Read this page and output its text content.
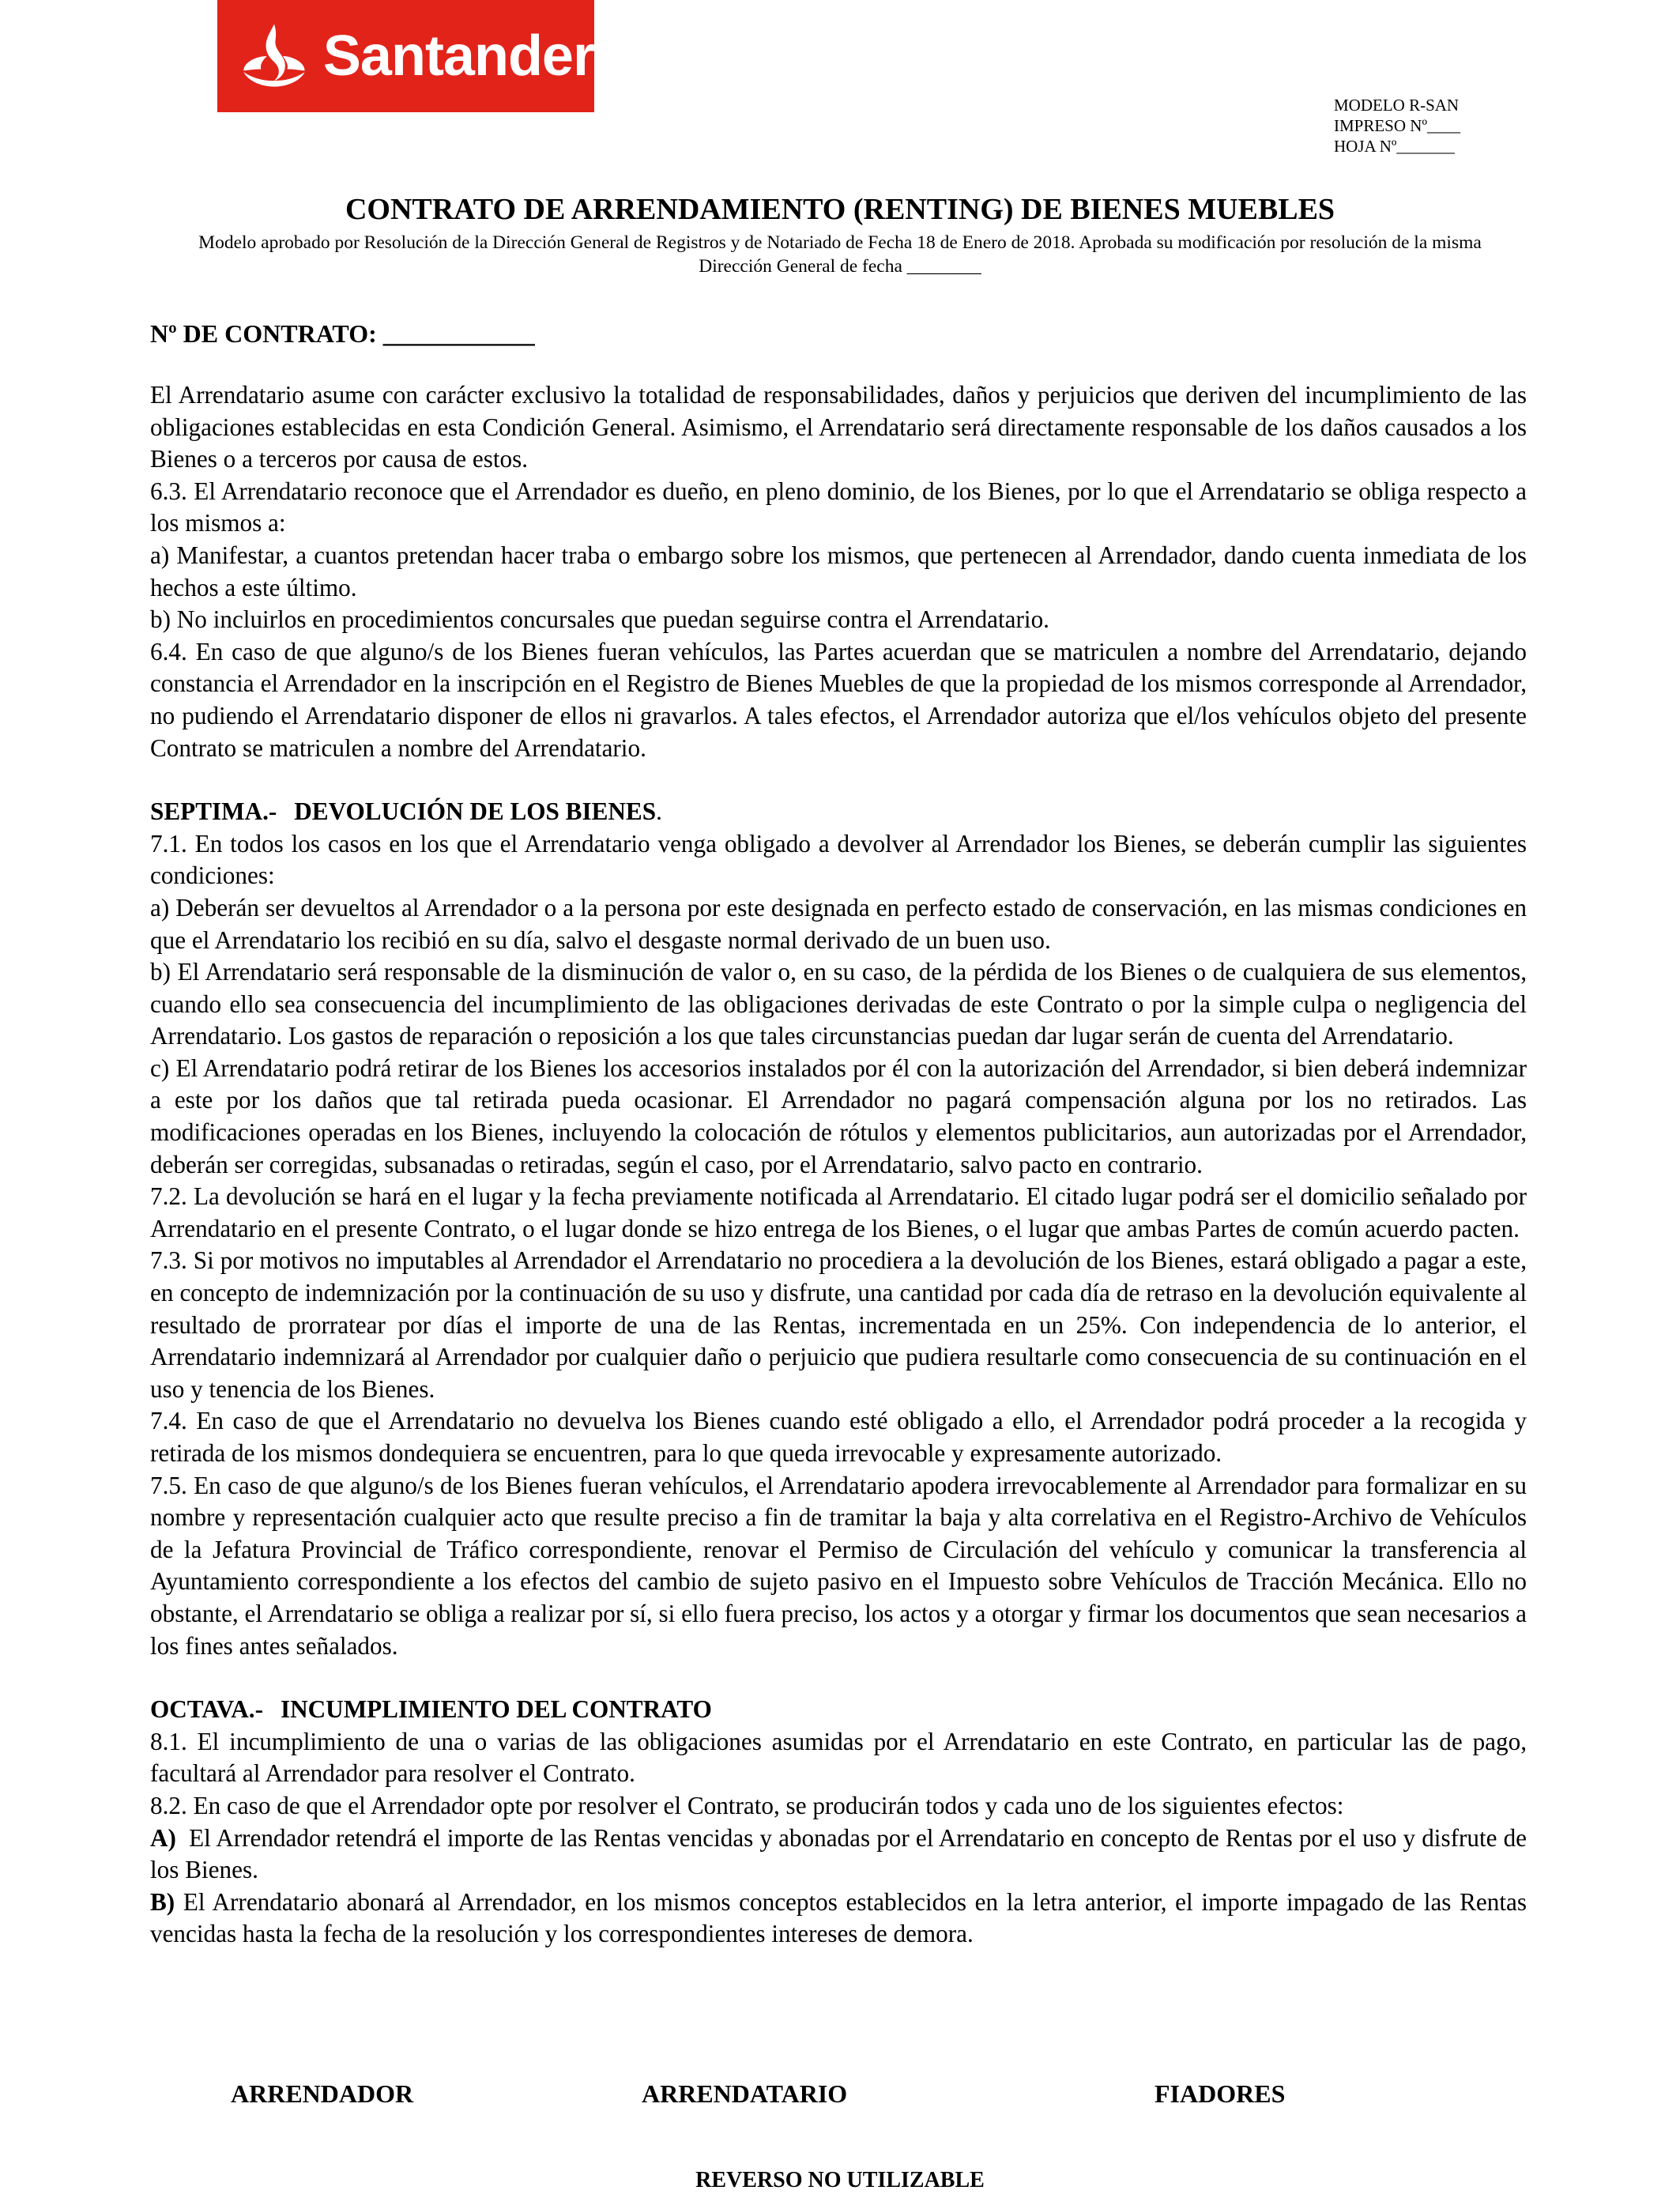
Santander
MODELO R-SAN
IMPRESO Nº____
HOJA Nº_______
CONTRATO DE ARRENDAMIENTO (RENTING) DE BIENES MUEBLES
Modelo aprobado por Resolución de la Dirección General de Registros y de Notariado de Fecha 18 de Enero de 2018. Aprobada su modificación por resolución de la misma Dirección General de fecha ________
Nº DE CONTRATO: ____________

El Arrendatario asume con carácter exclusivo la totalidad de responsabilidades, daños y perjuicios que deriven del incumplimiento de las obligaciones establecidas en esta Condición General. Asimismo, el Arrendatario será directamente responsable de los daños causados a los Bienes o a terceros por causa de estos.

6.3. El Arrendatario reconoce que el Arrendador es dueño, en pleno dominio, de los Bienes, por lo que el Arrendatario se obliga respecto a los mismos a:

a) Manifestar, a cuantos pretendan hacer traba o embargo sobre los mismos, que pertenecen al Arrendador, dando cuenta inmediata de los hechos a este último.

b) No incluirlos en procedimientos concursales que puedan seguirse contra el Arrendatario.

6.4. En caso de que alguno/s de los Bienes fueran vehículos, las Partes acuerdan que se matriculen a nombre del Arrendatario, dejando constancia el Arrendador en la inscripción en el Registro de Bienes Muebles de que la propiedad de los mismos corresponde al Arrendador, no pudiendo el Arrendatario disponer de ellos ni gravarlos. A tales efectos, el Arrendador autoriza que el/los vehículos objeto del presente Contrato se matriculen a nombre del Arrendatario.

SEPTIMA.- DEVOLUCIÓN DE LOS BIENES.

7.1. En todos los casos en los que el Arrendatario venga obligado a devolver al Arrendador los Bienes, se deberán cumplir las siguientes condiciones:

a) Deberán ser devueltos al Arrendador o a la persona por este designada en perfecto estado de conservación, en las mismas condiciones en que el Arrendatario los recibió en su día, salvo el desgaste normal derivado de un buen uso.

b) El Arrendatario será responsable de la disminución de valor o, en su caso, de la pérdida de los Bienes o de cualquiera de sus elementos, cuando ello sea consecuencia del incumplimiento de las obligaciones derivadas de este Contrato o por la simple culpa o negligencia del Arrendatario. Los gastos de reparación o reposición a los que tales circunstancias puedan dar lugar serán de cuenta del Arrendatario.

c) El Arrendatario podrá retirar de los Bienes los accesorios instalados por él con la autorización del Arrendador, si bien deberá indemnizar a este por los daños que tal retirada pueda ocasionar. El Arrendador no pagará compensación alguna por los no retirados. Las modificaciones operadas en los Bienes, incluyendo la colocación de rótulos y elementos publicitarios, aun autorizadas por el Arrendador, deberán ser corregidas, subsanadas o retiradas, según el caso, por el Arrendatario, salvo pacto en contrario.

7.2. La devolución se hará en el lugar y la fecha previamente notificada al Arrendatario. El citado lugar podrá ser el domicilio señalado por Arrendatario en el presente Contrato, o el lugar donde se hizo entrega de los Bienes, o el lugar que ambas Partes de común acuerdo pacten.

7.3. Si por motivos no imputables al Arrendador el Arrendatario no procediera a la devolución de los Bienes, estará obligado a pagar a este, en concepto de indemnización por la continuación de su uso y disfrute, una cantidad por cada día de retraso en la devolución equivalente al resultado de prorratear por días el importe de una de las Rentas, incrementada en un 25%. Con independencia de lo anterior, el Arrendatario indemnizará al Arrendador por cualquier daño o perjuicio que pudiera resultarle como consecuencia de su continuación en el uso y tenencia de los Bienes.

7.4. En caso de que el Arrendatario no devuelva los Bienes cuando esté obligado a ello, el Arrendador podrá proceder a la recogida y retirada de los mismos dondequiera se encuentren, para lo que queda irrevocable y expresamente autorizado.

7.5. En caso de que alguno/s de los Bienes fueran vehículos, el Arrendatario apodera irrevocablemente al Arrendador para formalizar en su nombre y representación cualquier acto que resulte preciso a fin de tramitar la baja y alta correlativa en el Registro-Archivo de Vehículos de la Jefatura Provincial de Tráfico correspondiente, renovar el Permiso de Circulación del vehículo y comunicar la transferencia al Ayuntamiento correspondiente a los efectos del cambio de sujeto pasivo en el Impuesto sobre Vehículos de Tracción Mecánica. Ello no obstante, el Arrendatario se obliga a realizar por sí, si ello fuera preciso, los actos y a otorgar y firmar los documentos que sean necesarios a los fines antes señalados.

OCTAVA.- INCUMPLIMIENTO DEL CONTRATO

8.1. El incumplimiento de una o varias de las obligaciones asumidas por el Arrendatario en este Contrato, en particular las de pago, facultará al Arrendador para resolver el Contrato.

8.2. En caso de que el Arrendador opte por resolver el Contrato, se producirán todos y cada uno de los siguientes efectos:

A) El Arrendador retendrá el importe de las Rentas vencidas y abonadas por el Arrendatario en concepto de Rentas por el uso y disfrute de los Bienes.

B) El Arrendatario abonará al Arrendador, en los mismos conceptos establecidos en la letra anterior, el importe impagado de las Rentas vencidas hasta la fecha de la resolución y los correspondientes intereses de demora.

ARRENDADOR	ARRENDATARIO	FIADORES
REVERSO NO UTILIZABLE
